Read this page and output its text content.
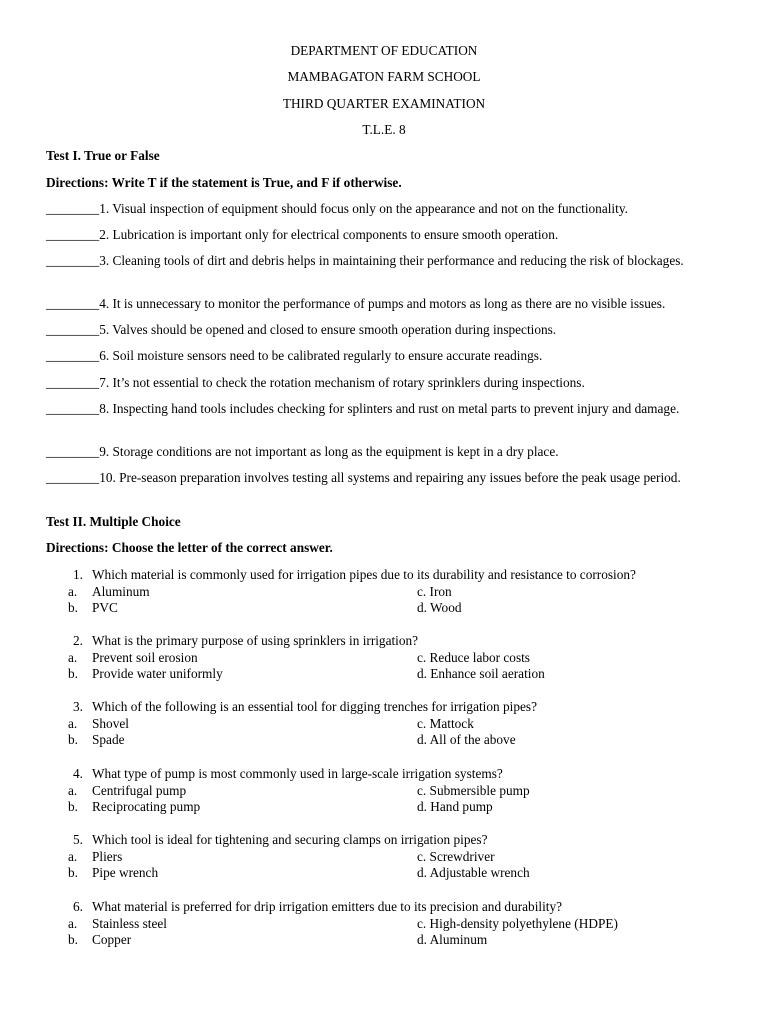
DEPARTMENT OF EDUCATION
MAMBAGATON FARM SCHOOL
THIRD QUARTER EXAMINATION
T.L.E. 8
Test I. True or False
Directions: Write T if the statement is True, and F if otherwise.
________1. Visual inspection of equipment should focus only on the appearance and not on the functionality.
________2. Lubrication is important only for electrical components to ensure smooth operation.
________3. Cleaning tools of dirt and debris helps in maintaining their performance and reducing the risk of blockages.
________4. It is unnecessary to monitor the performance of pumps and motors as long as there are no visible issues.
________5. Valves should be opened and closed to ensure smooth operation during inspections.
________6. Soil moisture sensors need to be calibrated regularly to ensure accurate readings.
________7. It’s not essential to check the rotation mechanism of rotary sprinklers during inspections.
________8. Inspecting hand tools includes checking for splinters and rust on metal parts to prevent injury and damage.
________9. Storage conditions are not important as long as the equipment is kept in a dry place.
________10. Pre-season preparation involves testing all systems and repairing any issues before the peak usage period.
Test II. Multiple Choice
Directions: Choose the letter of the correct answer.
1. Which material is commonly used for irrigation pipes due to its durability and resistance to corrosion?
a. Aluminum	c. Iron
b. PVC	d. Wood
2. What is the primary purpose of using sprinklers in irrigation?
a. Prevent soil erosion	c. Reduce labor costs
b. Provide water uniformly	d. Enhance soil aeration
3. Which of the following is an essential tool for digging trenches for irrigation pipes?
a. Shovel	c. Mattock
b. Spade	d. All of the above
4. What type of pump is most commonly used in large-scale irrigation systems?
a. Centrifugal pump	c. Submersible pump
b. Reciprocating pump	d. Hand pump
5. Which tool is ideal for tightening and securing clamps on irrigation pipes?
a. Pliers	c. Screwdriver
b. Pipe wrench	d. Adjustable wrench
6. What material is preferred for drip irrigation emitters due to its precision and durability?
a. Stainless steel	c. High-density polyethylene (HDPE)
b. Copper	d. Aluminum
